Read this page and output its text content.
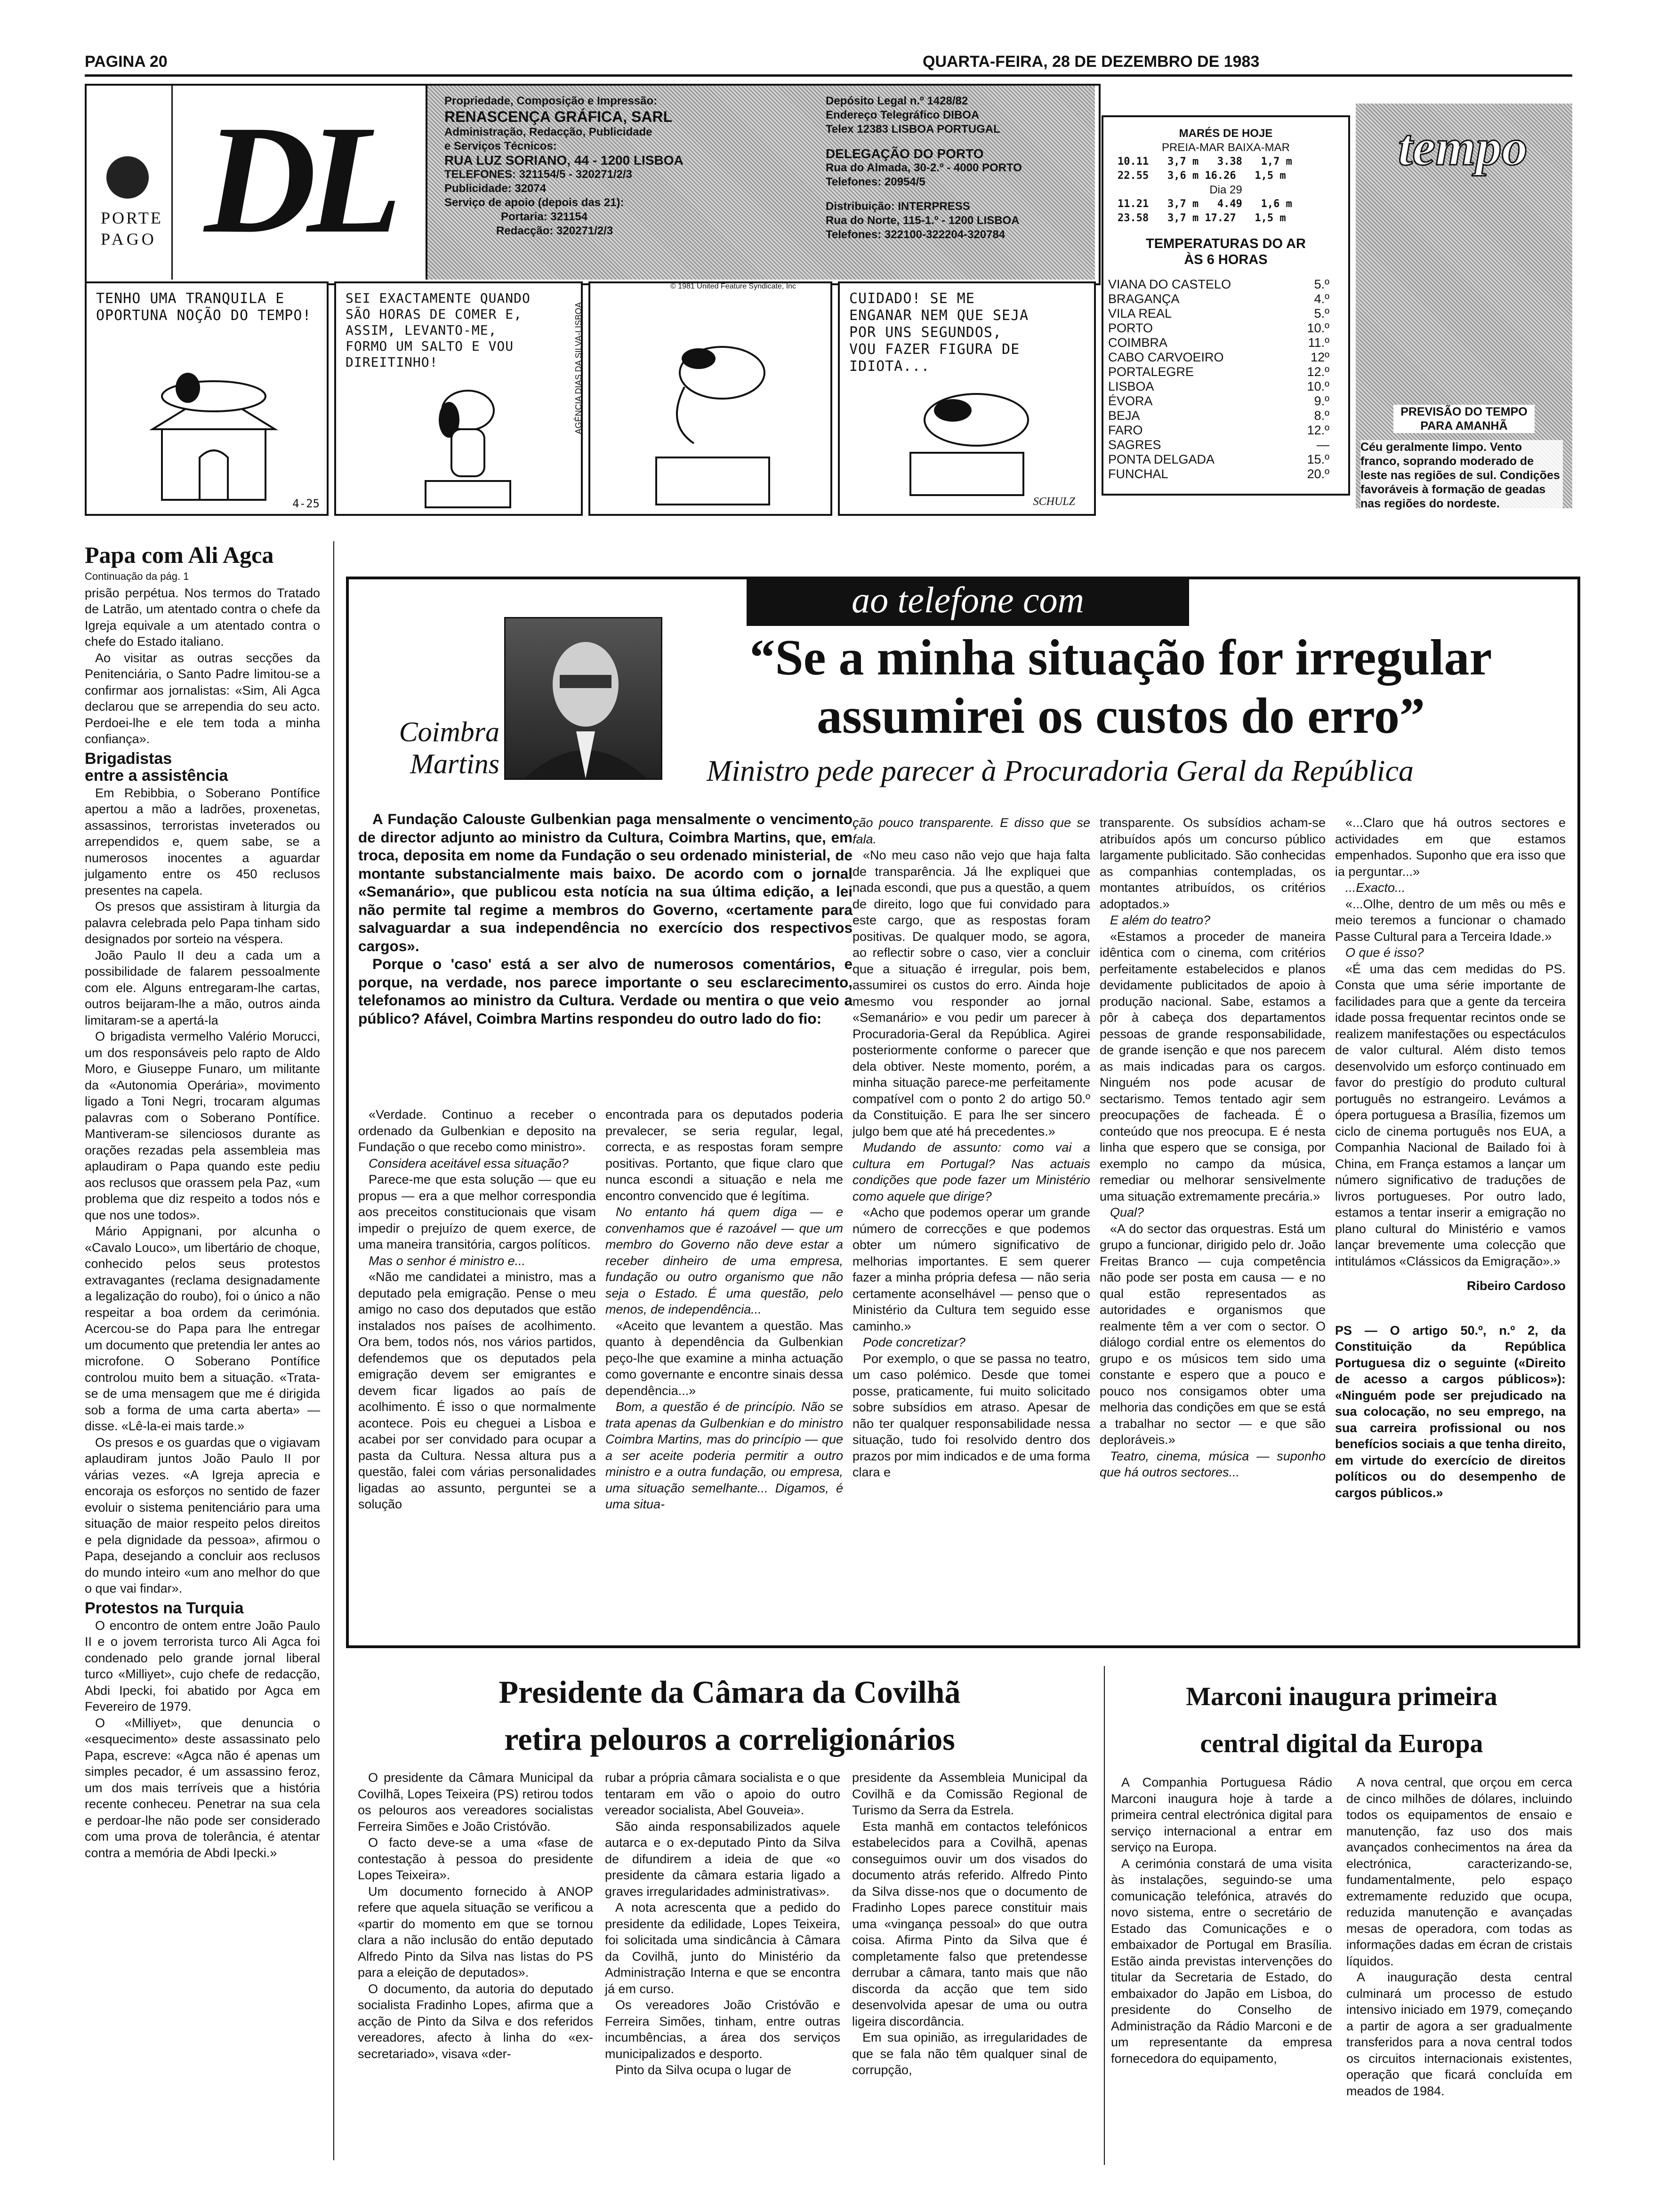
PAGINA 20	QUARTA-FEIRA, 28 DE DEZEMBRO DE 1983
PORTE
PAGO DL	Propriedade, Composição e Impressão:
RENASCENÇA GRÁFICA, SARL
Administração, Redacção, Publicidade
e Serviços Técnicos:
RUA LUZ SORIANO, 44 - 1200 LISBOA
TELEFONES: 321154/5 - 320271/2/3
Publicidade: 32074
Serviço de apoio (depois das 21):
Portaria: 321154
Redacção: 320271/2/3
Depósito Legal n.º 1428/82
Endereço Telegráfico DIBOA
Telex 12383 LISBOA PORTUGAL
DELEGAÇÃO DO PORTO
Rua do Almada, 30-2.º - 4000 PORTO
Telefones: 20954/5
Distribuição: INTERPRESS
Rua do Norte, 115-1.º - 1200 LISBOA
Telefones: 322100-322204-320784
TENHO UMA TRANQUILA E OPORTUNA NOÇÃO DO TEMPO!
4-25
SEI EXACTAMENTE QUANDO SÃO HORAS DE COMER E, ASSIM, LEVANTO-ME, FORMO UM SALTO E VOU DIREITINHO!	AGÊNCIA DIAS DA SILVA-LISBOA
© 1981 United Feature Syndicate, Inc
CUIDADO! SE ME ENGANAR NEM QUE SEJA POR UNS SEGUNDOS, VOU FAZER FIGURA DE IDIOTA...
SCHULZ
MARÉS DE HOJE
PREIA-MAR BAIXA-MAR
10.11   3,7 m   3.38   1,7 m
22.55   3,6 m 16.26   1,5 m
Dia 29
11.21   3,7 m   4.49   1,6 m
23.58   3,7 m 17.27   1,5 m
TEMPERATURAS DO AR
ÀS 6 HORAS
VIANA DO CASTELO	5.º
BRAGANÇA	4.º
VILA REAL	5.º
PORTO	10.º
COIMBRA	11.º
CABO CARVOEIRO	12º
PORTALEGRE	12.º
LISBOA	10.º
ÉVORA	9.º
BEJA	8.º
FARO	12.º
SAGRES	—
PONTA DELGADA	15.º
FUNCHAL	20.º
tempo
PREVISÃO DO TEMPO PARA AMANHÃ
Céu geralmente limpo. Vento franco, soprando moderado de leste nas regiões de sul. Condições favoráveis à formação de geadas nas regiões do nordeste.
Papa com Ali Agca

Continuação da pág. 1

prisão perpétua. Nos termos do Tratado de Latrão, um atentado contra o chefe da Igreja equivale a um atentado contra o chefe do Estado italiano.

Ao visitar as outras secções da Penitenciária, o Santo Padre limitou-se a confirmar aos jornalistas: «Sim, Ali Agca declarou que se arrependia do seu acto. Perdoei-lhe e ele tem toda a minha confiança».

Brigadistas
entre a assistência

Em Rebibbia, o Soberano Pontífice apertou a mão a ladrões, proxenetas, assassinos, terroristas inveterados ou arrependidos e, quem sabe, se a numerosos inocentes a aguardar julgamento entre os 450 reclusos presentes na capela.

Os presos que assistiram à liturgia da palavra celebrada pelo Papa tinham sido designados por sorteio na véspera.

João Paulo II deu a cada um a possibilidade de falarem pessoalmente com ele. Alguns entregaram-lhe cartas, outros beijaram-lhe a mão, outros ainda limitaram-se a apertá-la

O brigadista vermelho Valério Morucci, um dos responsáveis pelo rapto de Aldo Moro, e Giuseppe Funaro, um militante da «Autonomia Operária», movimento ligado a Toni Negri, trocaram algumas palavras com o Soberano Pontífice. Mantiveram-se silenciosos durante as orações rezadas pela assembleia mas aplaudiram o Papa quando este pediu aos reclusos que orassem pela Paz, «um problema que diz respeito a todos nós e que nos une todos».

Mário Appignani, por alcunha o «Cavalo Louco», um libertário de choque, conhecido pelos seus protestos extravagantes (reclama designadamente a legalização do roubo), foi o único a não respeitar a boa ordem da cerimónia. Acercou-se do Papa para lhe entregar um documento que pretendia ler antes ao microfone. O Soberano Pontífice controlou muito bem a situação. «Trata-se de uma mensagem que me é dirigida sob a forma de uma carta aberta» — disse. «Lê-la-ei mais tarde.»

Os presos e os guardas que o vigiavam aplaudiram juntos João Paulo II por várias vezes. «A Igreja aprecia e encoraja os esforços no sentido de fazer evoluir o sistema penitenciário para uma situação de maior respeito pelos direitos e pela dignidade da pessoa», afirmou o Papa, desejando a concluir aos reclusos do mundo inteiro «um ano melhor do que o que vai findar».

Protestos na Turquia

O encontro de ontem entre João Paulo II e o jovem terrorista turco Ali Agca foi condenado pelo grande jornal liberal turco «Milliyet», cujo chefe de redacção, Abdi Ipecki, foi abatido por Agca em Fevereiro de 1979.

O «Milliyet», que denuncia o «esquecimento» deste assassinato pelo Papa, escreve: «Agca não é apenas um simples pecador, é um assassino feroz, um dos mais terríveis que a história recente conheceu. Penetrar na sua cela e perdoar-lhe não pode ser considerado com uma prova de tolerância, é atentar contra a memória de Abdi Ipecki.»

ao telefone com
Coimbra
Martins
“Se a minha situação for irregular
assumirei os custos do erro”
Ministro pede parecer à Procuradoria Geral da República

A Fundação Calouste Gulbenkian paga mensalmente o vencimento de director adjunto ao ministro da Cultura, Coimbra Martins, que, em troca, deposita em nome da Fundação o seu ordenado ministerial, de montante substancialmente mais baixo. De acordo com o jornal «Semanário», que publicou esta notícia na sua última edição, a lei não permite tal regime a membros do Governo, «certamente para salvaguardar a sua independência no exercício dos respectivos cargos».

Porque o 'caso' está a ser alvo de numerosos comentários, e porque, na verdade, nos parece importante o seu esclarecimento, telefonamos ao ministro da Cultura. Verdade ou mentira o que veio a público? Afável, Coimbra Martins respondeu do outro lado do fio:

«Verdade. Continuo a receber o ordenado da Gulbenkian e deposito na Fundação o que recebo como ministro».

Considera aceitável essa situação?

Parece-me que esta solução — que eu propus — era a que melhor correspondia aos preceitos constitucionais que visam impedir o prejuízo de quem exerce, de uma maneira transitória, cargos políticos.

Mas o senhor é ministro e...

«Não me candidatei a ministro, mas a deputado pela emigração. Pense o meu amigo no caso dos deputados que estão instalados nos países de acolhimento. Ora bem, todos nós, nos vários partidos, defendemos que os deputados pela emigração devem ser emigrantes e devem ficar ligados ao país de acolhimento. É isso o que normalmente acontece. Pois eu cheguei a Lisboa e acabei por ser convidado para ocupar a pasta da Cultura. Nessa altura pus a questão, falei com várias personalidades ligadas ao assunto, perguntei se a solução

encontrada para os deputados poderia prevalecer, se seria regular, legal, correcta, e as respostas foram sempre positivas. Portanto, que fique claro que nunca escondi a situação e nela me encontro convencido que é legítima.

No entanto há quem diga — e convenhamos que é razoável — que um membro do Governo não deve estar a receber dinheiro de uma empresa, fundação ou outro organismo que não seja o Estado. É uma questão, pelo menos, de independência...

«Aceito que levantem a questão. Mas quanto à dependência da Gulbenkian peço-lhe que examine a minha actuação como governante e encontre sinais dessa dependência...»

Bom, a questão é de princípio. Não se trata apenas da Gulbenkian e do ministro Coimbra Martins, mas do princípio — que a ser aceite poderia permitir a outro ministro e a outra fundação, ou empresa, uma situação semelhante... Digamos, é uma situa-

ção pouco transparente. E disso que se fala.

«No meu caso não vejo que haja falta de transparência. Já lhe expliquei que nada escondi, que pus a questão, a quem de direito, logo que fui convidado para este cargo, que as respostas foram positivas. De qualquer modo, se agora, ao reflectir sobre o caso, vier a concluir que a situação é irregular, pois bem, assumirei os custos do erro. Ainda hoje mesmo vou responder ao jornal «Semanário» e vou pedir um parecer à Procuradoria-Geral da República. Agirei posteriormente conforme o parecer que dela obtiver. Neste momento, porém, a minha situação parece-me perfeitamente compatível com o ponto 2 do artigo 50.º da Constituição. E para lhe ser sincero julgo bem que até há precedentes.»

Mudando de assunto: como vai a cultura em Portugal? Nas actuais condições que pode fazer um Ministério como aquele que dirige?

«Acho que podemos operar um grande número de correcções e que podemos obter um número significativo de melhorias importantes. E sem querer fazer a minha própria defesa — não seria certamente aconselhável — penso que o Ministério da Cultura tem seguido esse caminho.»

Pode concretizar?

Por exemplo, o que se passa no teatro, um caso polémico. Desde que tomei posse, praticamente, fui muito solicitado sobre subsídios em atraso. Apesar de não ter qualquer responsabilidade nessa situação, tudo foi resolvido dentro dos prazos por mim indicados e de uma forma clara e

transparente. Os subsídios acham-se atribuídos após um concurso público largamente publicitado. São conhecidas as companhias contempladas, os montantes atribuídos, os critérios adoptados.»

E além do teatro?

«Estamos a proceder de maneira idêntica com o cinema, com critérios perfeitamente estabelecidos e planos devidamente publicitados de apoio à produção nacional. Sabe, estamos a pôr à cabeça dos departamentos pessoas de grande responsabilidade, de grande isenção e que nos parecem as mais indicadas para os cargos. Ninguém nos pode acusar de sectarismo. Temos tentado agir sem preocupações de facheada. É o conteúdo que nos preocupa. E é nesta linha que espero que se consiga, por exemplo no campo da música, remediar ou melhorar sensivelmente uma situação extremamente precária.»

Qual?

«A do sector das orquestras. Está um grupo a funcionar, dirigido pelo dr. João Freitas Branco — cuja competência não pode ser posta em causa — e no qual estão representados as autoridades e organismos que realmente têm a ver com o sector. O diálogo cordial entre os elementos do grupo e os músicos tem sido uma constante e espero que a pouco e pouco nos consigamos obter uma melhoria das condições em que se está a trabalhar no sector — e que são deploráveis.»

Teatro, cinema, música — suponho que há outros sectores...

«...Claro que há outros sectores e actividades em que estamos empenhados. Suponho que era isso que ia perguntar...»

...Exacto...

«...Olhe, dentro de um mês ou mês e meio teremos a funcionar o chamado Passe Cultural para a Terceira Idade.»

O que é isso?

«É uma das cem medidas do PS. Consta que uma série importante de facilidades para que a gente da terceira idade possa frequentar recintos onde se realizem manifestações ou espectáculos de valor cultural. Além disto temos desenvolvido um esforço continuado em favor do prestígio do produto cultural português no estrangeiro. Levámos a ópera portuguesa a Brasília, fizemos um ciclo de cinema português nos EUA, a Companhia Nacional de Bailado foi à China, em França estamos a lançar um número significativo de traduções de livros portugueses. Por outro lado, estamos a tentar inserir a emigração no plano cultural do Ministério e vamos lançar brevemente uma colecção que intitulámos «Clássicos da Emigração».»

Ribeiro Cardoso

PS — O artigo 50.º, n.º 2, da Constituição da República Portuguesa diz o seguinte («Direito de acesso a cargos públicos»): «Ninguém pode ser prejudicado na sua colocação, no seu emprego, na sua carreira profissional ou nos benefícios sociais a que tenha direito, em virtude do exercício de direitos políticos ou do desempenho de cargos públicos.»

Presidente da Câmara da Covilhã
retira pelouros a correligionários

O presidente da Câmara Municipal da Covilhã, Lopes Teixeira (PS) retirou todos os pelouros aos vereadores socialistas Ferreira Simões e João Cristóvão.

O facto deve-se a uma «fase de contestação à pessoa do presidente Lopes Teixeira».

Um documento fornecido à ANOP refere que aquela situação se verificou a «partir do momento em que se tornou clara a não inclusão do então deputado Alfredo Pinto da Silva nas listas do PS para a eleição de deputados».

O documento, da autoria do deputado socialista Fradinho Lopes, afirma que a acção de Pinto da Silva e dos referidos vereadores, afecto à linha do «ex-secretariado», visava «der-

rubar a própria câmara socialista e o que tentaram em vão o apoio do outro vereador socialista, Abel Gouveia».

São ainda responsabilizados aquele autarca e o ex-deputado Pinto da Silva de difundirem a ideia de que «o presidente da câmara estaria ligado a graves irregularidades administrativas».

A nota acrescenta que a pedido do presidente da edilidade, Lopes Teixeira, foi solicitada uma sindicância à Câmara da Covilhã, junto do Ministério da Administração Interna e que se encontra já em curso.

Os vereadores João Cristóvão e Ferreira Simões, tinham, entre outras incumbências, a área dos serviços municipalizados e desporto.

Pinto da Silva ocupa o lugar de

presidente da Assembleia Municipal da Covilhã e da Comissão Regional de Turismo da Serra da Estrela.

Esta manhã em contactos telefónicos estabelecidos para a Covilhã, apenas conseguimos ouvir um dos visados do documento atrás referido. Alfredo Pinto da Silva disse-nos que o documento de Fradinho Lopes parece constituir mais uma «vingança pessoal» do que outra coisa. Afirma Pinto da Silva que é completamente falso que pretendesse derrubar a câmara, tanto mais que não discorda da acção que tem sido desenvolvida apesar de uma ou outra ligeira discordância.

Em sua opinião, as irregularidades de que se fala não têm qualquer sinal de corrupção,

Marconi inaugura primeira
central digital da Europa

A Companhia Portuguesa Rádio Marconi inaugura hoje à tarde a primeira central electrónica digital para serviço internacional a entrar em serviço na Europa.

A cerimónia constará de uma visita às instalações, seguindo-se uma comunicação telefónica, através do novo sistema, entre o secretário de Estado das Comunicações e o embaixador de Portugal em Brasília. Estão ainda previstas intervenções do titular da Secretaria de Estado, do embaixador do Japão em Lisboa, do presidente do Conselho de Administração da Rádio Marconi e de um representante da empresa fornecedora do equipamento,

A nova central, que orçou em cerca de cinco milhões de dólares, incluindo todos os equipamentos de ensaio e manutenção, faz uso dos mais avançados conhecimentos na área da electrónica, caracterizando-se, fundamentalmente, pelo espaço extremamente reduzido que ocupa, reduzida manutenção e avançadas mesas de operadora, com todas as informações dadas em écran de cristais líquidos.

A inauguração desta central culminará um processo de estudo intensivo iniciado em 1979, começando a partir de agora a ser gradualmente transferidos para a nova central todos os circuitos internacionais existentes, operação que ficará concluída em meados de 1984.
